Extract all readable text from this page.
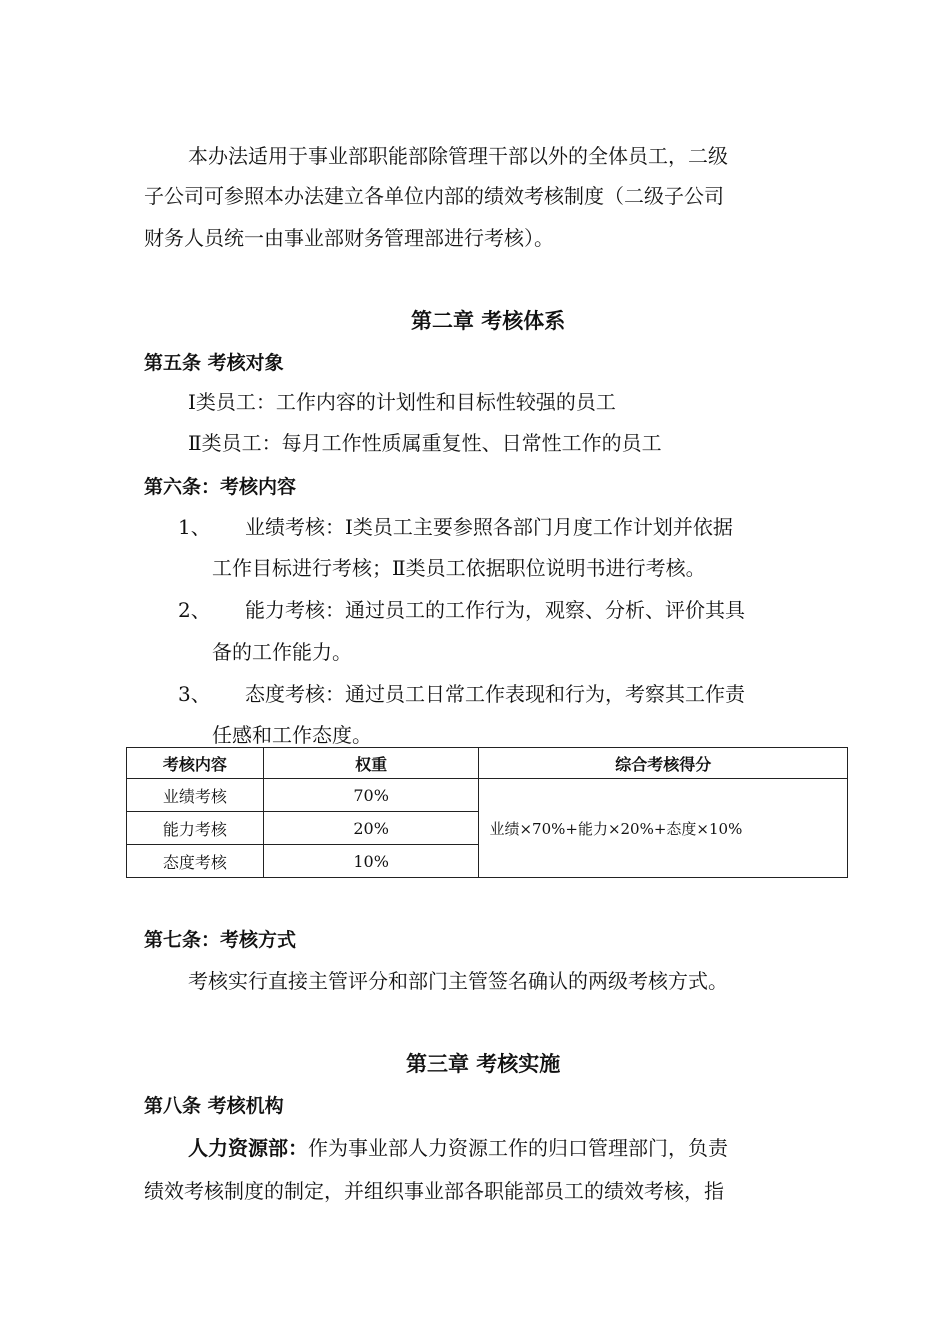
本办法适用于事业部职能部除管理干部以外的全体员工，二级
子公司可参照本办法建立各单位内部的绩效考核制度（二级子公司
财务人员统一由事业部财务管理部进行考核）。
第二章 考核体系
第五条 考核对象
Ⅰ类员工：工作内容的计划性和目标性较强的员工
Ⅱ类员工：每月工作性质属重复性、日常性工作的员工
第六条：考核内容
1、 业绩考核：Ⅰ类员工主要参照各部门月度工作计划并依据
工作目标进行考核；Ⅱ类员工依据职位说明书进行考核。
2、 能力考核：通过员工的工作行为，观察、分析、评价其具
备的工作能力。
3、 态度考核：通过员工日常工作表现和行为，考察其工作责
任感和工作态度。
考核内容	权重	综合考核得分
业绩考核	70%	业绩×70%+能力×20%+态度×10%
能力考核	20%	
态度考核	10%	
第七条：考核方式
考核实行直接主管评分和部门主管签名确认的两级考核方式。
第三章 考核实施
第八条 考核机构
人力资源部：作为事业部人力资源工作的归口管理部门，负责
绩效考核制度的制定，并组织事业部各职能部员工的绩效考核，指
